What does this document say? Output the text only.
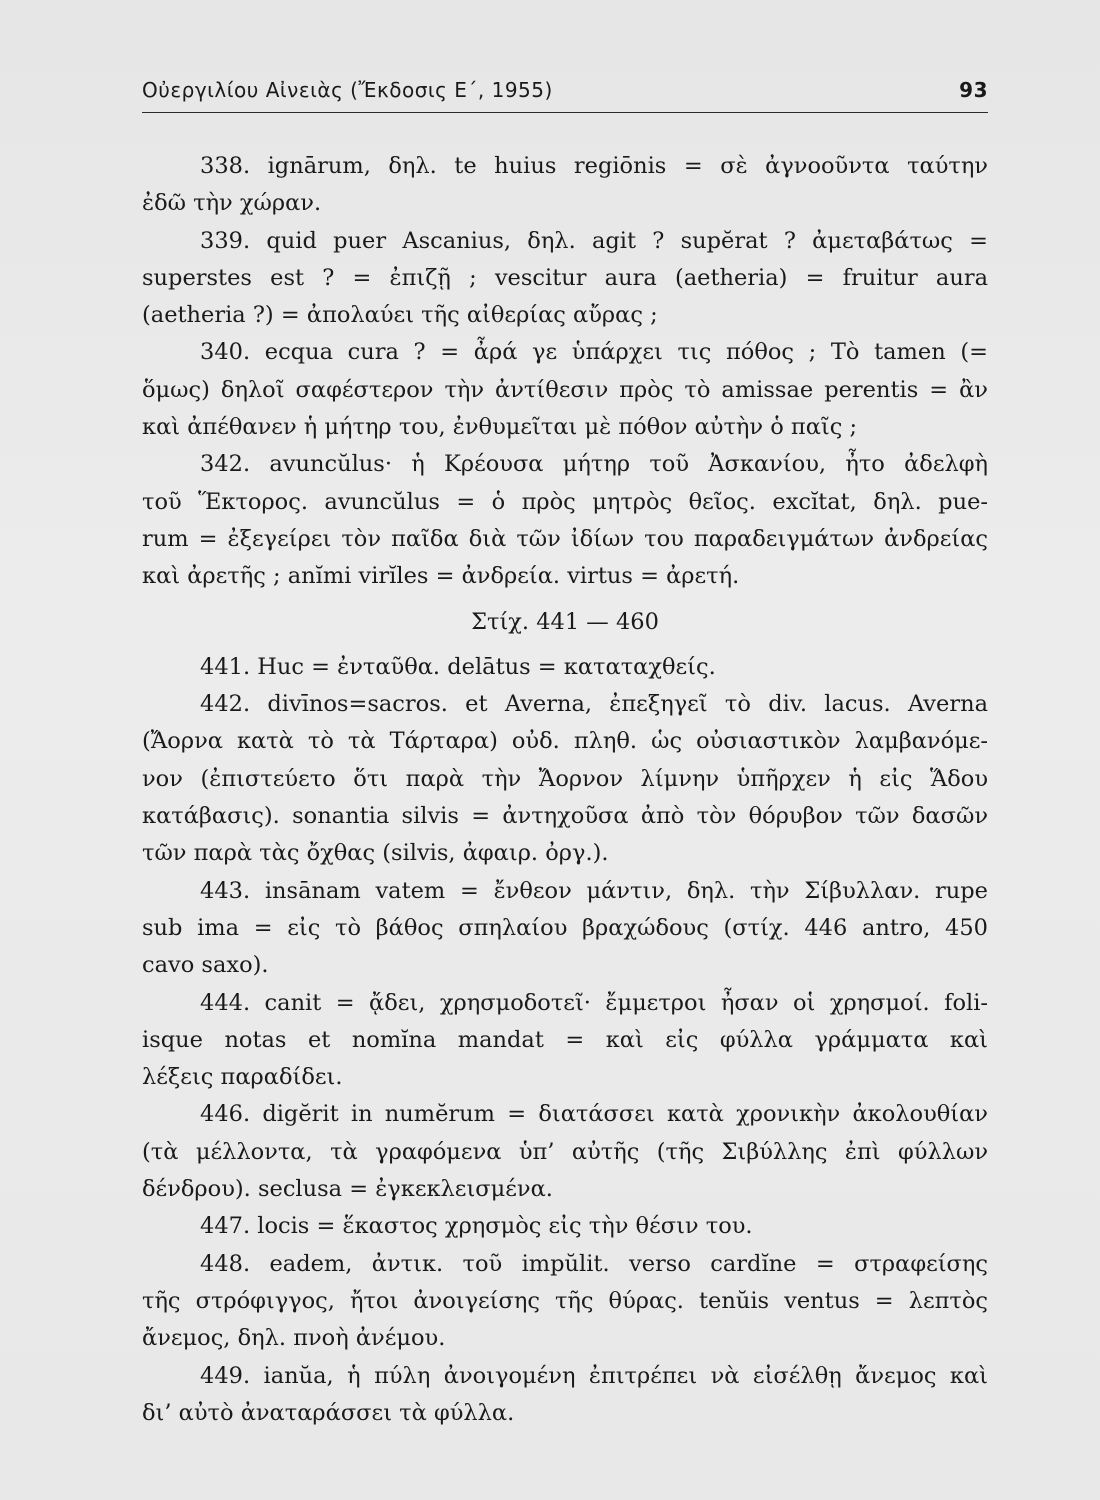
Οὐεργιλίου Αἰνειὰς (Ἔκδοσις Ε΄, 1955)	93
338. ignārum, δηλ. te huius regiōnis = σὲ ἀγνοοῦντα ταύτην
ἐδῶ τὴν χώραν.
339. quid puer Ascanius, δηλ. agit ? supĕrat ? ἀμεταβάτως =
superstes est ? = ἐπιζῇ ; vescitur aura (aetheria) = fruitur aura
(aetheria ?) = ἀπολαύει τῆς αἰθερίας αὔρας ;
340. ecqua cura ? = ἆρά γε ὑπάρχει τις πόθος ; Τὸ tamen (=
ὅμως) δηλοῖ σαφέστερον τὴν ἀντίθεσιν πρὸς τὸ amissae perentis = ἂν
καὶ ἀπέθανεν ἡ μήτηρ του, ἐνθυμεῖται μὲ πόθον αὐτὴν ὁ παῖς ;
342. avuncŭlus· ἡ Κρέουσα μήτηρ τοῦ Ἀσκανίου, ἦτο ἀδελφὴ
τοῦ Ἕκτορος. avuncŭlus = ὁ πρὸς μητρὸς θεῖος. excĭtat, δηλ. pue-
rum = ἐξεγείρει τὸν παῖδα διὰ τῶν ἰδίων του παραδειγμάτων ἀνδρείας
καὶ ἀρετῆς ; anĭmi virĭles = ἀνδρεία. virtus = ἀρετή.
Στίχ. 441 — 460
441. Huc = ἐνταῦθα. delātus = καταταχθείς.
442. divīnos=sacros. et Averna, ἐπεξηγεῖ τὸ div. lacus. Averna
(Ἄορνα κατὰ τὸ τὰ Τάρταρα) οὐδ. πληθ. ὡς οὐσιαστικὸν λαμβανόμε-
νον (ἐπιστεύετο ὅτι παρὰ τὴν Ἄορνον λίμνην ὑπῆρχεν ἡ εἰς Ἅδου
κατάβασις). sonantia silvis = ἀντηχοῦσα ἀπὸ τὸν θόρυβον τῶν δασῶν
τῶν παρὰ τὰς ὄχθας (silvis, ἀφαιρ. ὀργ.).
443. insānam vatem = ἔνθεον μάντιν, δηλ. τὴν Σίβυλλαν. rupe
sub ima = εἰς τὸ βάθος σπηλαίου βραχώδους (στίχ. 446 antro, 450
cavo saxo).
444. canit = ᾄδει, χρησμοδοτεῖ· ἔμμετροι ἦσαν οἱ χρησμοί. foli-
isque notas et nomĭna mandat = καὶ εἰς φύλλα γράμματα καὶ
λέξεις παραδίδει.
446. digĕrit in numĕrum = διατάσσει κατὰ χρονικὴν ἀκολουθίαν
(τὰ μέλλοντα, τὰ γραφόμενα ὑπ’ αὐτῆς (τῆς Σιβύλλης ἐπὶ φύλλων
δένδρου). seclusa = ἐγκεκλεισμένα.
447. locis = ἕκαστος χρησμὸς εἰς τὴν θέσιν του.
448. eadem, ἀντικ. τοῦ impŭlit. verso cardĭne = στραφείσης
τῆς στρόφιγγος, ἤτοι ἀνοιγείσης τῆς θύρας. tenŭis ventus = λεπτὸς
ἄνεμος, δηλ. πνοὴ ἀνέμου.
449. ianŭa, ἡ πύλη ἀνοιγομένη ἐπιτρέπει νὰ εἰσέλθῃ ἄνεμος καὶ
δι’ αὐτὸ ἀναταράσσει τὰ φύλλα.
